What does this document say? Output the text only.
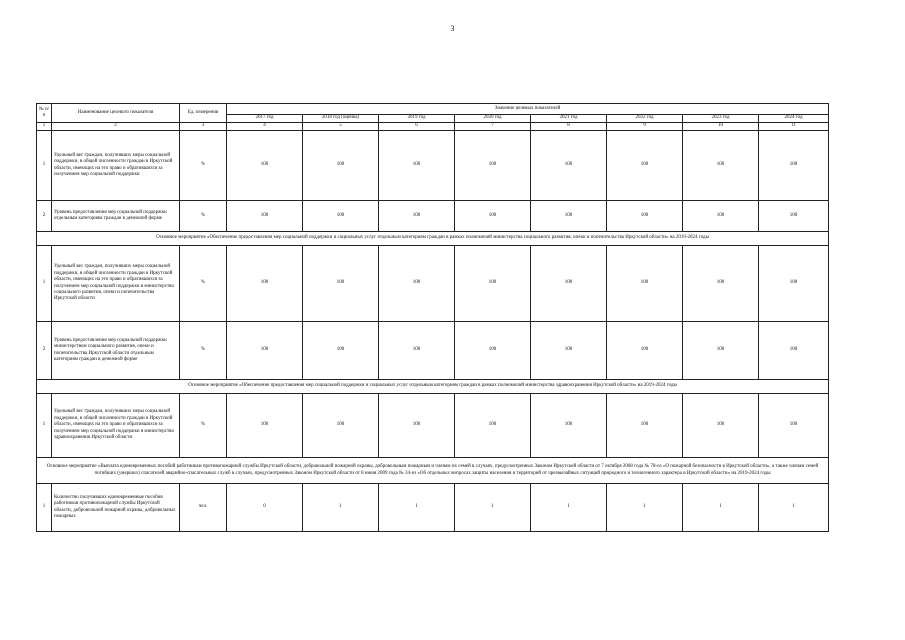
3
№ п/п	Наименование целевого показателя	Ед. измерения	Значение целевых показателей							
			2017 год	2018 год (оценка)	2019 год	2020 год	2021 год	2022 год	2023 год	2024 год
1	2	3	4	5	6	7	8	9	10	11
1	Удельный вес граждан, получивших меры социальной поддержки, в общей численности граждан в Иркутской области, имеющих на это право и обратившихся за получением мер социальной поддержки	%	100	100	100	100	100	100	100	100
2	Уровень предоставления мер социальной поддержки отдельным категориям граждан в денежной форме	%	100	100	100	100	100	100	100	100
Основное мероприятие «Обеспечение предоставления мер социальной поддержки и социальных услуг отдельным категориям граждан в рамках полномочий министерства социального развития, опеки и попечительства Иркутской области» на 2019-2024 годы										
1	Удельный вес граждан, получивших меры социальной поддержки, в общей численности граждан в Иркутской области, имеющих на это право и обратившихся за получением мер социальной поддержки в министерство социального развития, опеки и попечительства Иркутской области	%	100	100	100	100	100	100	100	100
2	Уровень предоставления мер социальной поддержки министерством социального развития, опеки и попечительства Иркутской области отдельным категориям граждан в денежной форме	%	100	100	100	100	100	100	100	100
Основное мероприятие «Обеспечение предоставления мер социальной поддержки и социальных услуг отдельным категориям граждан в рамках полномочий министерства здравоохранения Иркутской области» на 2019-2024 годы										
1	Удельный вес граждан, получивших меры социальной поддержки, в общей численности граждан в Иркутской области, имеющих на это право и обратившихся за получением мер социальной поддержки в министерство здравоохранения Иркутской области	%	100	100	100	100	100	100	100	100
Основное мероприятие «Выплата единовременных пособий работникам противопожарной службы Иркутской области, добровольной пожарной охраны, добровольным пожарным и членам их семей в случаях, предусмотренных Законом Иркутской области от 7 октября 2008 года № 78-оз «О пожарной безопасности в Иркутской области», а также членам семей погибших (умерших) спасателей аварийно-спасательных служб в случаях, предусмотренных Законом Иркутской области от 8 июня 2009 года № 34-оз «Об отдельных вопросах защиты населения и территорий от чрезвычайных ситуаций природного и техногенного характера в Иркутской области» на 2019-2024 годы										
1	Количество получивших единовременные пособия работников противопожарной службы Иркутской области, добровольной пожарной охраны, добровольных пожарных	чел.	0	1	1	1	1	1	1	1
